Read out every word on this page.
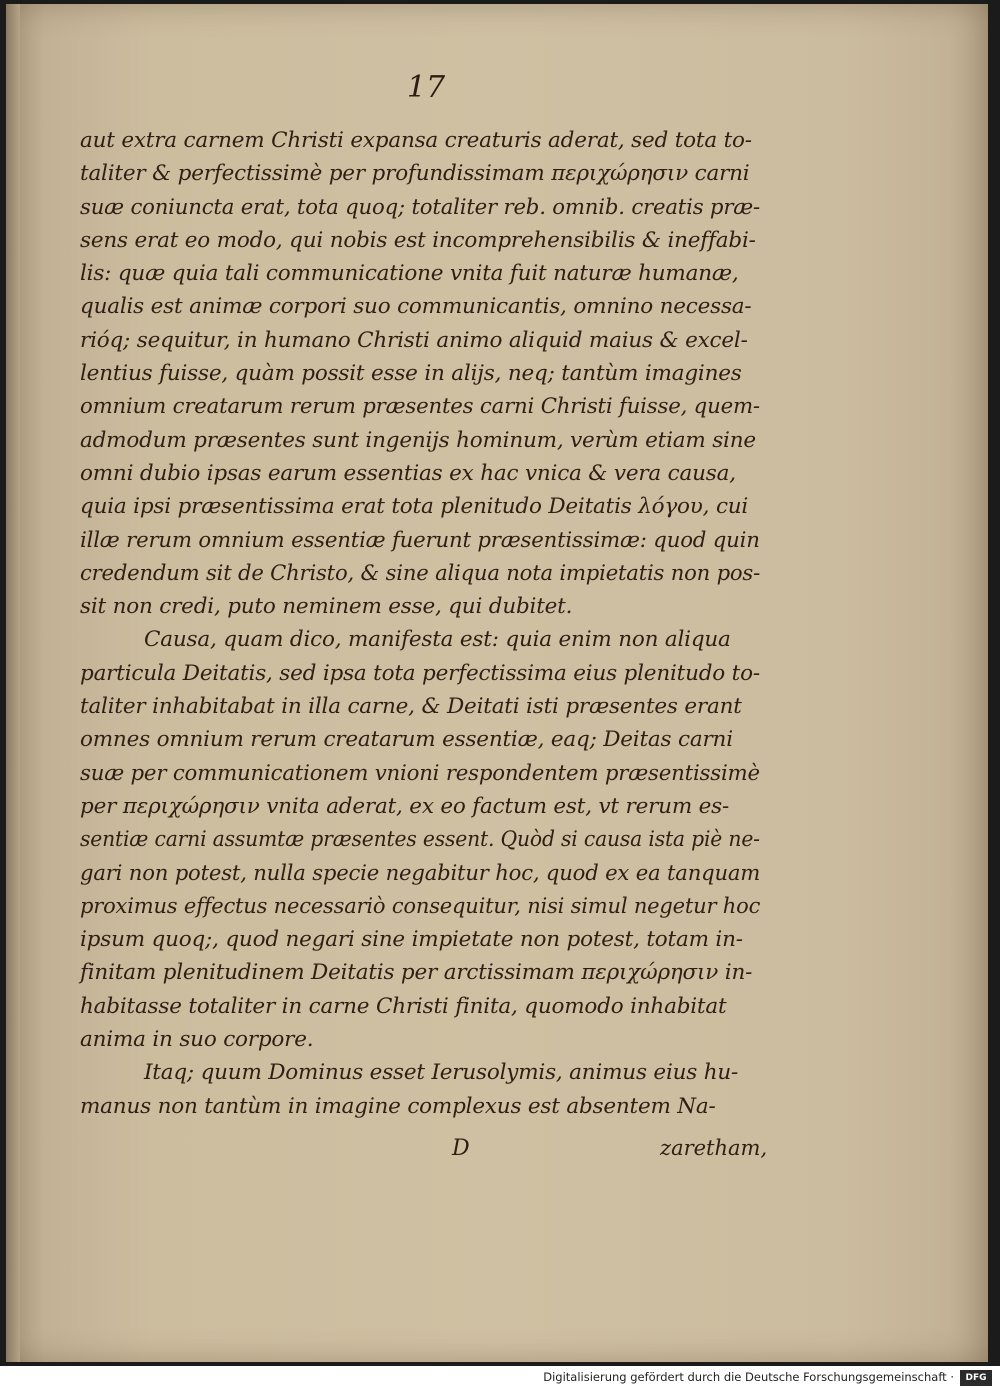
17
aut extra carnem Christi expansa creaturis aderat, sed tota to-
taliter & perfectissimè per profundissimam περιχώρησιν carni
suæ coniuncta erat, tota quoq; totaliter reb. omnib. creatis præ-
sens erat eo modo, qui nobis est incomprehensibilis & ineffabi-
lis: quæ quia tali communicatione vnita fuit naturæ humanæ,
qualis est animæ corpori suo communicantis, omnino necessa-
rióq; sequitur, in humano Christi animo aliquid maius & excel-
lentius fuisse, quàm possit esse in alijs, neq; tantùm imagines
omnium creatarum rerum præsentes carni Christi fuisse, quem-
admodum præsentes sunt ingenijs hominum, verùm etiam sine
omni dubio ipsas earum essentias ex hac vnica & vera causa,
quia ipsi præsentissima erat tota plenitudo Deitatis λόγου, cui
illæ rerum omnium essentiæ fuerunt præsentissimæ: quod quin
credendum sit de Christo, & sine aliqua nota impietatis non pos-
sit non credi, puto neminem esse, qui dubitet.
Causa, quam dico, manifesta est: quia enim non aliqua
particula Deitatis, sed ipsa tota perfectissima eius plenitudo to-
taliter inhabitabat in illa carne, & Deitati isti præsentes erant
omnes omnium rerum creatarum essentiæ, eaq; Deitas carni
suæ per communicationem vnioni respondentem præsentissimè
per περιχώρησιν vnita aderat, ex eo factum est, vt rerum es-
sentiæ carni assumtæ præsentes essent. Quòd si causa ista piè ne-
gari non potest, nulla specie negabitur hoc, quod ex ea tanquam
proximus effectus necessariò consequitur, nisi simul negetur hoc
ipsum quoq;, quod negari sine impietate non potest, totam in-
finitam plenitudinem Deitatis per arctissimam περιχώρησιν in-
habitasse totaliter in carne Christi finita, quomodo inhabitat
anima in suo corpore.
Itaq; quum Dominus esset Ierusolymis, animus eius hu-
manus non tantùm in imagine complexus est absentem Na-
D	zaretham,
Digitalisierung gefördert durch die Deutsche Forschungsgemeinschaft ·	DFG
